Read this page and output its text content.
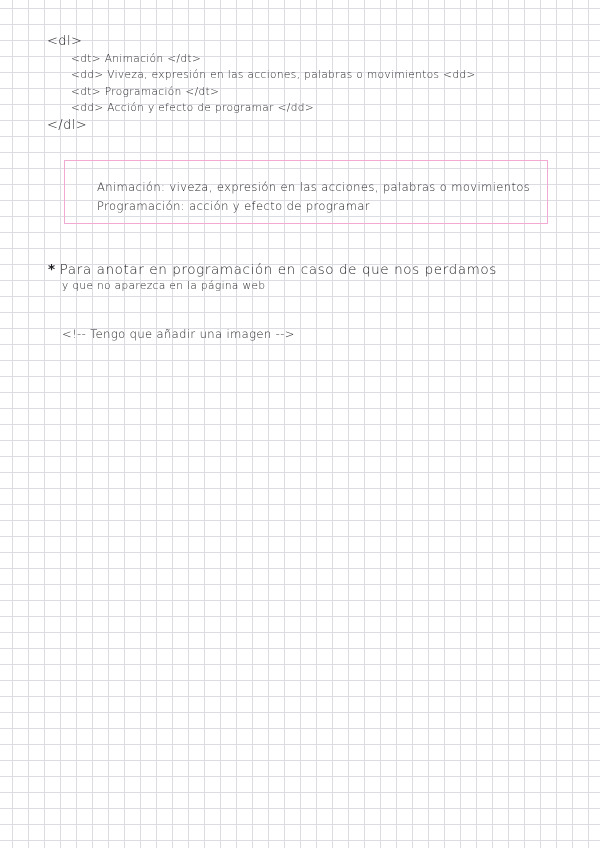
<dl>
<dt> Animación </dt>
<dd> Viveza, expresión en las acciones, palabras o movimientos <dd>
<dt> Programación </dt>
<dd> Acción y efecto de programar </dd>
</dl>
Animación: viveza, expresión en las acciones, palabras o movimientos
Programación: acción y efecto de programar
* Para anotar en programación en caso de que nos perdamos
y que no aparezca en la página web
<!-- Tengo que añadir una imagen -->
